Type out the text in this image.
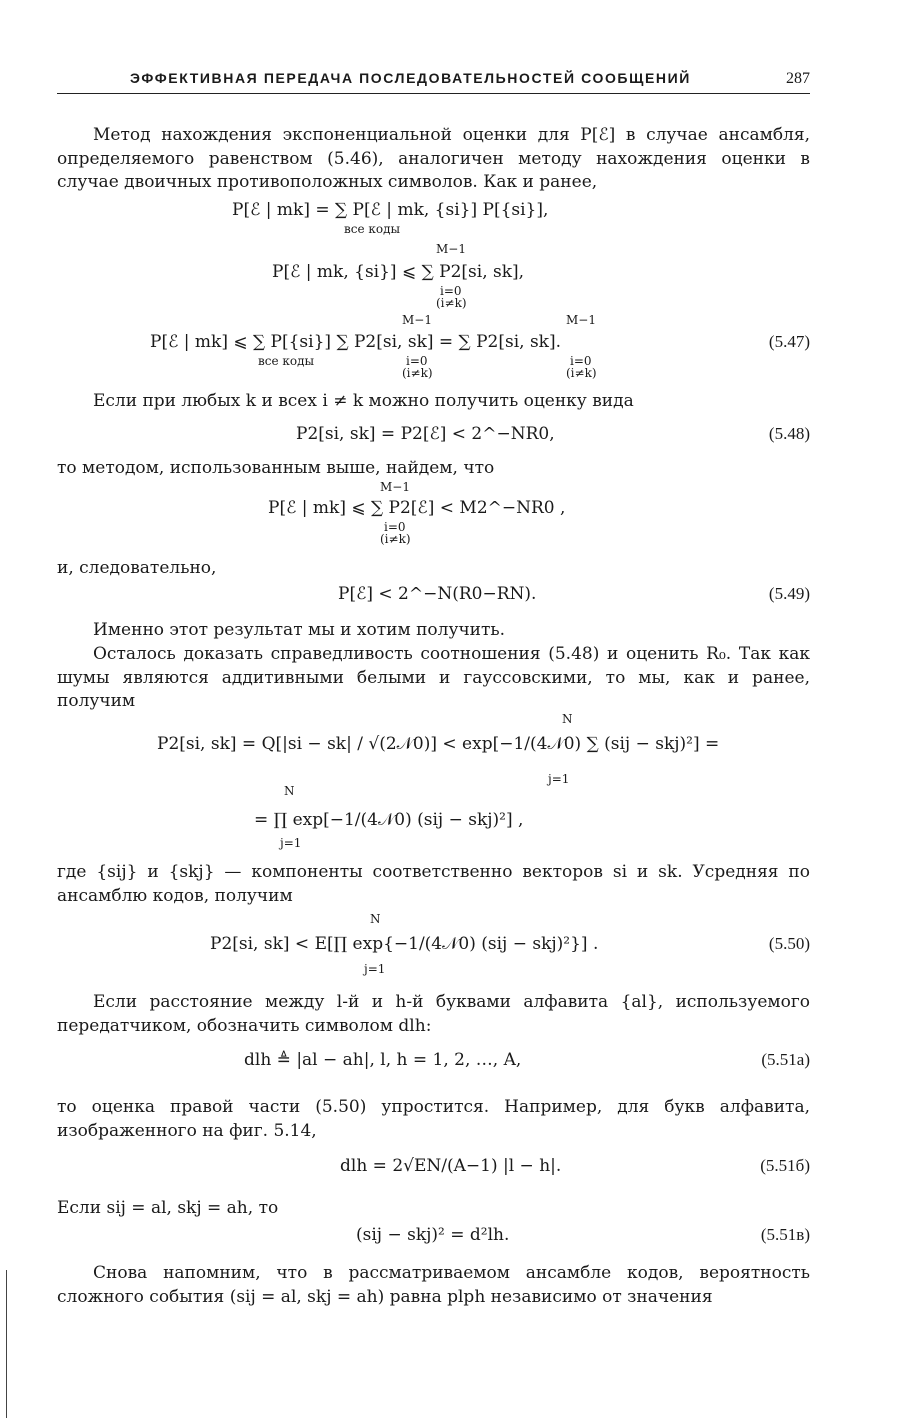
ЭФФЕКТИВНАЯ ПЕРЕДАЧА ПОСЛЕДОВАТЕЛЬНОСТЕЙ СООБЩЕНИЙ	287
Метод нахождения экспоненциальной оценки для P[ℰ] в случае ансамбля, определяемого равенством (5.46), аналогичен методу нахождения оценки в случае двоичных противоположных символов. Как и ранее,
P[ℰ | mk] = ∑ P[ℰ | mk, {si}] P[{si}],
все коды
M−1
P[ℰ | mk, {si}] ⩽ ∑ P2[si, sk],
i=0
(i≠k)
M−1	M−1
P[ℰ | mk] ⩽ ∑ P[{si}] ∑ P2[si, sk] = ∑ P2[si, sk].
все коды	i=0
(i≠k)
i=0
(i≠k)
(5.47)
Если при любых k и всех i ≠ k можно получить оценку вида
P2[si, sk] = P2[ℰ] < 2^−NR0,	(5.48)
то методом, использованным выше, найдем, что
M−1
P[ℰ | mk] ⩽ ∑ P2[ℰ] < M2^−NR0 ,
i=0
(i≠k)
и, следовательно,
P[ℰ] < 2^−N(R0−RN).	(5.49)
Именно этот результат мы и хотим получить.
Осталось доказать справедливость соотношения (5.48) и оценить R₀. Так как шумы являются аддитивными белыми и гауссовскими, то мы, как и ранее, получим
N
P2[si, sk] = Q[|si − sk| / √(2𝒩0)] < exp[−1/(4𝒩0) ∑ (sij − skj)²] =
j=1
N
= ∏ exp[−1/(4𝒩0) (sij − skj)²] ,
j=1
где {sij} и {skj} — компоненты соответственно векторов si и sk. Усредняя по ансамблю кодов, получим
N
P2[si, sk] < E[∏ exp{−1/(4𝒩0) (sij − skj)²}] .
j=1
(5.50)
Если расстояние между l-й и h-й буквами алфавита {al}, используемого передатчиком, обозначить символом dlh:
dlh ≜ |al − ah|, l, h = 1, 2, …, A,	(5.51а)
то оценка правой части (5.50) упростится. Например, для букв алфавита, изображенного на фиг. 5.14,
dlh = 2√EN/(A−1) |l − h|.	(5.51б)
Если sij = al, skj = ah, то
(sij − skj)² = d²lh.	(5.51в)
Снова напомним, что в рассматриваемом ансамбле кодов, вероятность сложного события (sij = al, skj = ah) равна plph независимо от значения
